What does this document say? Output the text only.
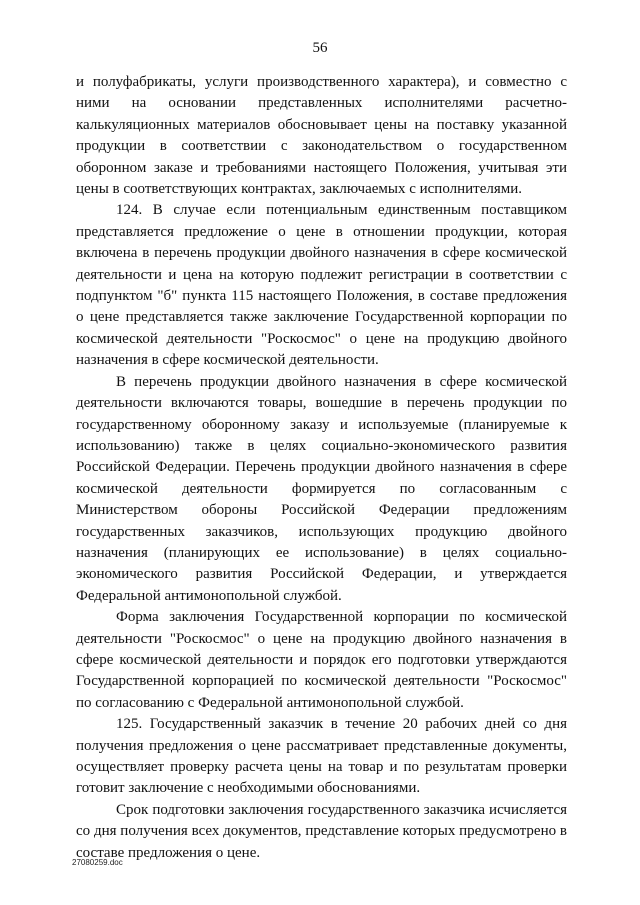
56

и полуфабрикаты, услуги производственного характера), и совместно с ними на основании представленных исполнителями расчетно-калькуляционных материалов обосновывает цены на поставку указанной продукции в соответствии с законодательством о государственном оборонном заказе и требованиями настоящего Положения, учитывая эти цены в соответствующих контрактах, заключаемых с исполнителями.

124. В случае если потенциальным единственным поставщиком представляется предложение о цене в отношении продукции, которая включена в перечень продукции двойного назначения в сфере космической деятельности и цена на которую подлежит регистрации в соответствии с подпунктом "б" пункта 115 настоящего Положения, в составе предложения о цене представляется также заключение Государственной корпорации по космической деятельности "Роскосмос" о цене на продукцию двойного назначения в сфере космической деятельности.

В перечень продукции двойного назначения в сфере космической деятельности включаются товары, вошедшие в перечень продукции по государственному оборонному заказу и используемые (планируемые к использованию) также в целях социально-экономического развития Российской Федерации. Перечень продукции двойного назначения в сфере космической деятельности формируется по согласованным с Министерством обороны Российской Федерации предложениям государственных заказчиков, использующих продукцию двойного назначения (планирующих ее использование) в целях социально-экономического развития Российской Федерации, и утверждается Федеральной антимонопольной службой.

Форма заключения Государственной корпорации по космической деятельности "Роскосмос" о цене на продукцию двойного назначения в сфере космической деятельности и порядок его подготовки утверждаются Государственной корпорацией по космической деятельности "Роскосмос" по согласованию с Федеральной антимонопольной службой.

125. Государственный заказчик в течение 20 рабочих дней со дня получения предложения о цене рассматривает представленные документы, осуществляет проверку расчета цены на товар и по результатам проверки готовит заключение с необходимыми обоснованиями.

Срок подготовки заключения государственного заказчика исчисляется со дня получения всех документов, представление которых предусмотрено в составе предложения о цене.

27080259.doc
